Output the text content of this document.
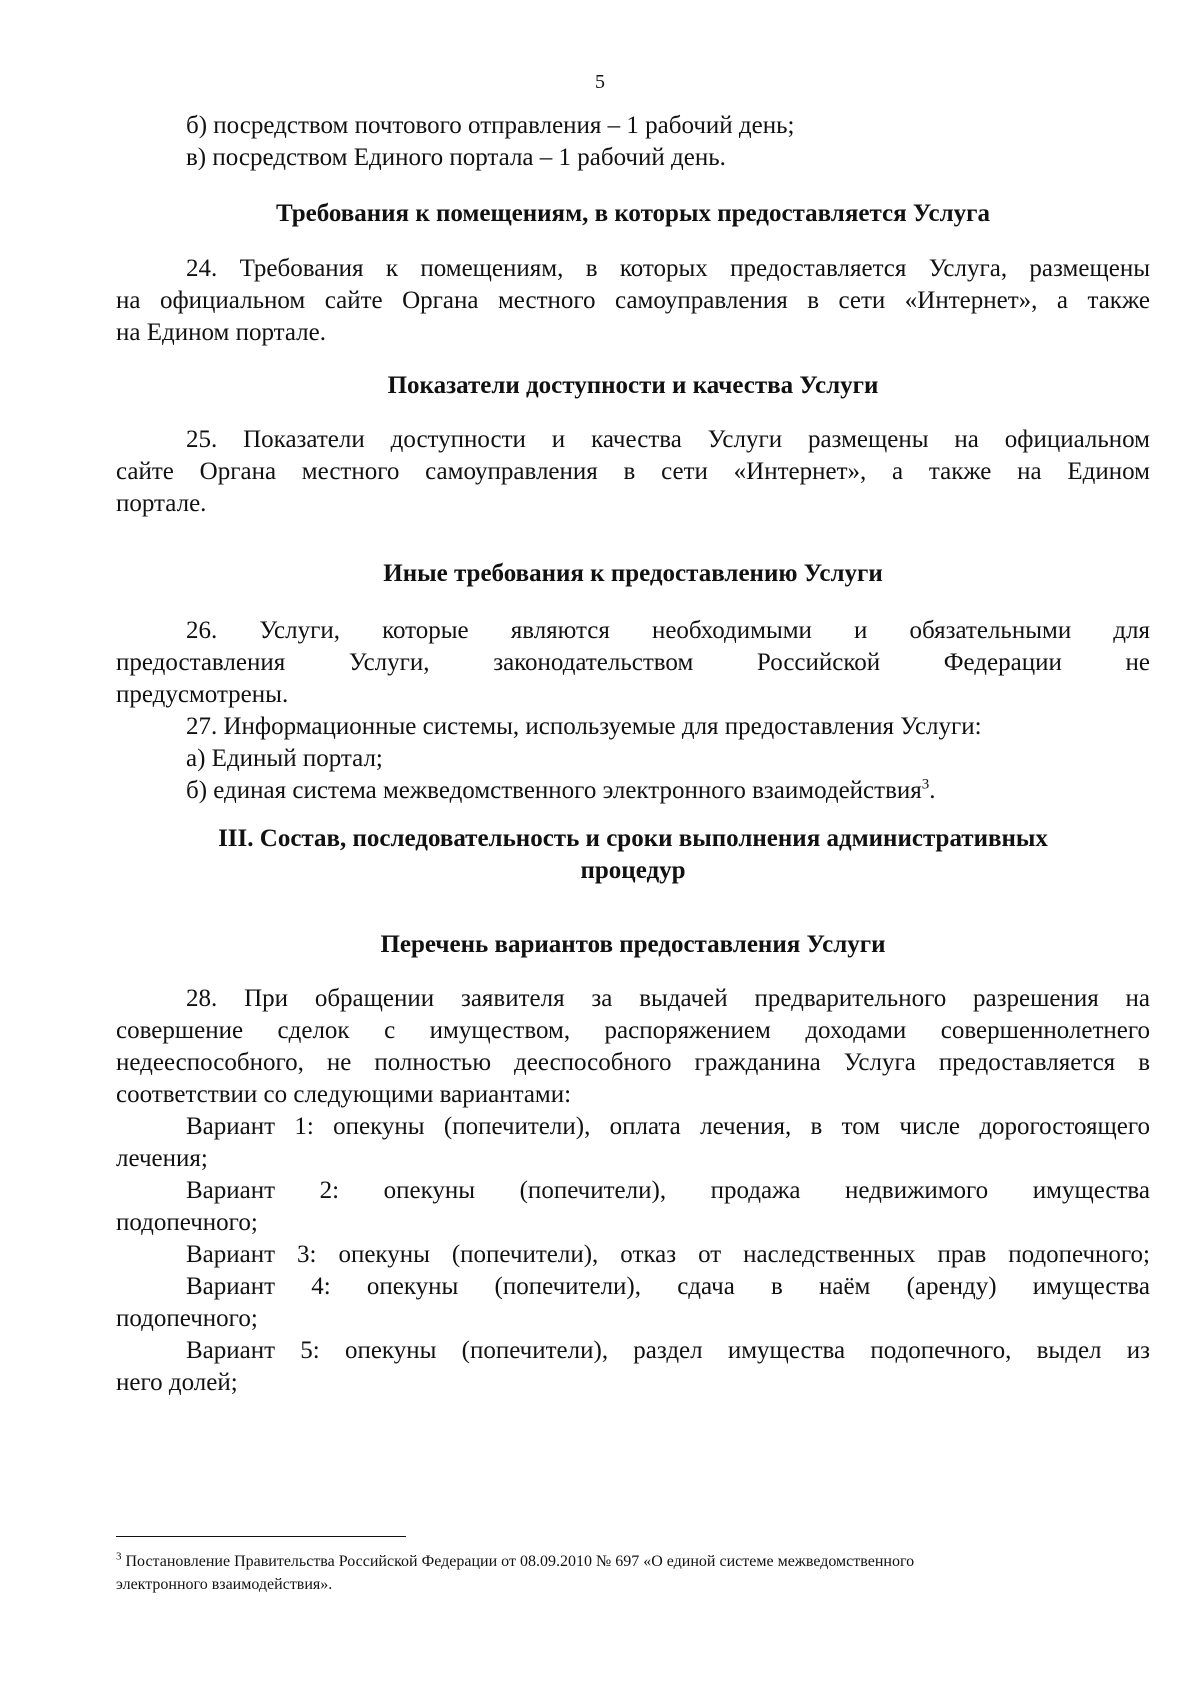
5
б) посредством почтового отправления – 1 рабочий день;
в) посредством Единого портала – 1 рабочий день.
Требования к помещениям, в которых предоставляется Услуга
24. Требования к помещениям, в которых предоставляется Услуга, размещены
на официальном сайте Органа местного самоуправления в сети «Интернет», а также
на Едином портале.
Показатели доступности и качества Услуги
25. Показатели доступности и качества Услуги размещены на официальном
сайте Органа местного самоуправления в сети «Интернет», а также на Едином
портале.
Иные требования к предоставлению Услуги
26. Услуги, которые являются необходимыми и обязательными для
предоставления Услуги, законодательством Российской Федерации не
предусмотрены.
27. Информационные системы, используемые для предоставления Услуги:
а) Единый портал;
б) единая система межведомственного электронного взаимодействия$^3$.
III. Состав, последовательность и сроки выполнения административных
процедур
Перечень вариантов предоставления Услуги
28. При обращении заявителя за выдачей предварительного разрешения на
совершение сделок с имуществом, распоряжением доходами совершеннолетнего
недееспособного, не полностью дееспособного гражданина Услуга предоставляется в
соответствии со следующими вариантами:
Вариант 1: опекуны (попечители), оплата лечения, в том числе дорогостоящего
лечения;
Вариант 2: опекуны (попечители), продажа недвижимого имущества
подопечного;
Вариант 3: опекуны (попечители), отказ от наследственных прав подопечного;
Вариант 4: опекуны (попечители), сдача в наём (аренду) имущества
подопечного;
Вариант 5: опекуны (попечители), раздел имущества подопечного, выдел из
него долей;
$^3$ Постановление Правительства Российской Федерации от 08.09.2010 № 697 «О единой системе межведомственного
электронного взаимодействия».
